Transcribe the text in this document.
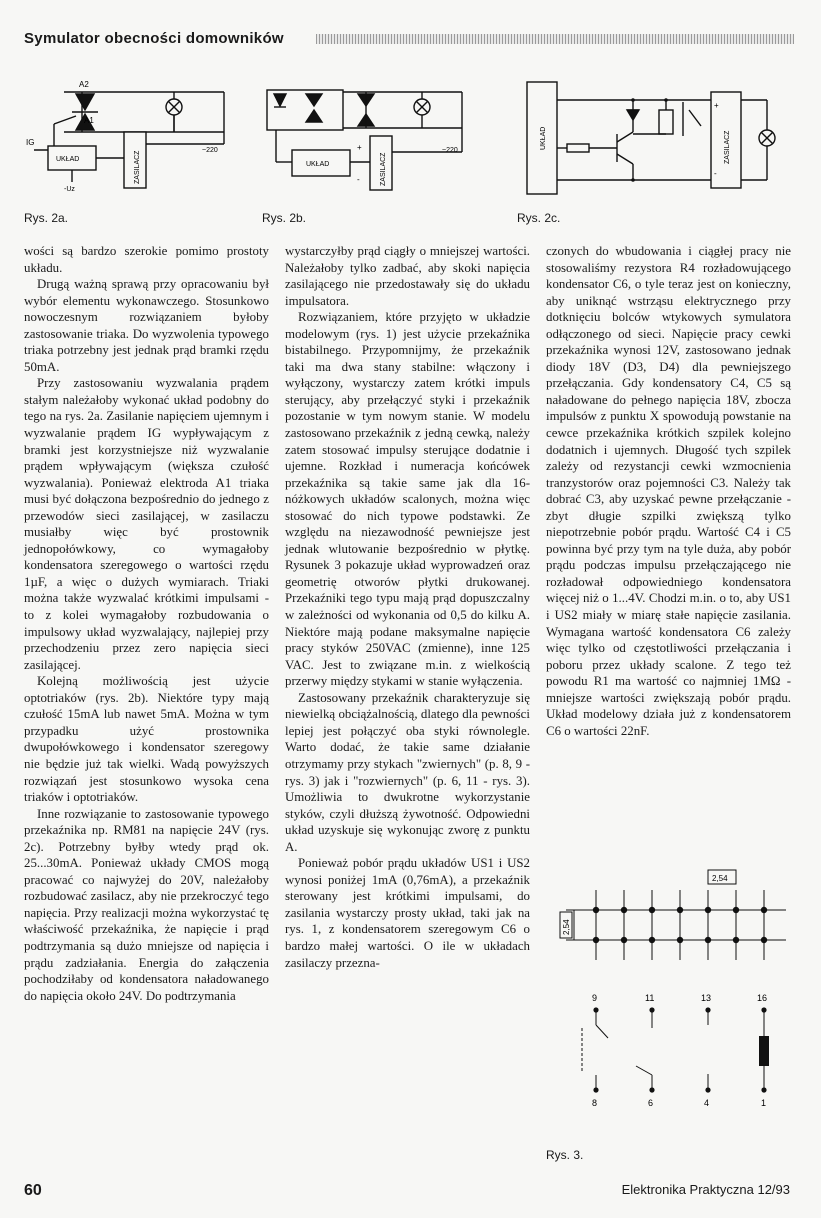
Symulator obecności domowników
A2
A1
IG
UKŁAD	ZASILACZ
~220
-Uz
Rys. 2a.
UKŁAD	ZASILACZ
~220
+
-
Rys. 2b.
UKŁAD	ZASILACZ
+
-
Rys. 2c.

wości są bardzo szerokie pomimo prostoty układu.

Drugą ważną sprawą przy opracowaniu był wybór elementu wykonawczego. Stosunkowo nowoczesnym rozwiązaniem byłoby zastosowanie triaka. Do wyzwolenia typowego triaka potrzebny jest jednak prąd bramki rzędu 50mA.

Przy zastosowaniu wyzwalania prądem stałym należałoby wykonać układ podobny do tego na rys. 2a. Zasilanie napięciem ujemnym i wyzwalanie prądem IG wypływającym z bramki jest korzystniejsze niż wyzwalanie prądem wpływającym (większa czułość wyzwalania). Ponieważ elektroda A1 triaka musi być dołączona bezpośrednio do jednego z przewodów sieci zasilającej, w zasilaczu musiałby więc być prostownik jednopołówkowy, co wymagałoby kondensatora szeregowego o wartości rzędu 1µF, a więc o dużych wymiarach. Triaki można także wyzwalać krótkimi impulsami - to z kolei wymagałoby rozbudowania o impulsowy układ wyzwalający, najlepiej przy przechodzeniu przez zero napięcia sieci zasilającej.

Kolejną możliwością jest użycie optotriaków (rys. 2b). Niektóre typy mają czułość 15mA lub nawet 5mA. Można w tym przypadku użyć prostownika dwupołówkowego i kondensator szeregowy nie będzie już tak wielki. Wadą powyższych rozwiązań jest stosunkowo wysoka cena triaków i optotriaków.

Inne rozwiązanie to zastosowanie typowego przekaźnika np. RM81 na napięcie 24V (rys. 2c). Potrzebny byłby wtedy prąd ok. 25...30mA. Ponieważ układy CMOS mogą pracować co najwyżej do 20V, należałoby rozbudować zasilacz, aby nie przekroczyć tego napięcia. Przy realizacji można wykorzystać tę właściwość przekaźnika, że napięcie i prąd podtrzymania są dużo mniejsze od napięcia i prądu zadziałania. Energia do załączenia pochodziłaby od kondensatora naładowanego do napięcia około 24V. Do podtrzymania

wystarczyłby prąd ciągły o mniejszej wartości. Należałoby tylko zadbać, aby skoki napięcia zasilającego nie przedostawały się do układu impulsatora.

Rozwiązaniem, które przyjęto w układzie modelowym (rys. 1) jest użycie przekaźnika bistabilnego. Przypomnijmy, że przekaźnik taki ma dwa stany stabilne: włączony i wyłączony, wystarczy zatem krótki impuls sterujący, aby przełączyć styki i przekaźnik pozostanie w tym nowym stanie. W modelu zastosowano przekaźnik z jedną cewką, należy zatem stosować impulsy sterujące dodatnie i ujemne. Rozkład i numeracja końcówek przekaźnika są takie same jak dla 16-nóżkowych układów scalonych, można więc stosować do nich typowe podstawki. Ze względu na niezawodność pewniejsze jest jednak wlutowanie bezpośrednio w płytkę. Rysunek 3 pokazuje układ wyprowadzeń oraz geometrię otworów płytki drukowanej. Przekaźniki tego typu mają prąd dopuszczalny w zależności od wykonania od 0,5 do kilku A. Niektóre mają podane maksymalne napięcie pracy styków 250VAC (zmienne), inne 125 VAC. Jest to związane m.in. z wielkością przerwy między stykami w stanie wyłączenia.

Zastosowany przekaźnik charakteryzuje się niewielką obciążalnością, dlatego dla pewności lepiej jest połączyć oba styki równolegle. Warto dodać, że takie same działanie otrzymamy przy stykach "zwiernych" (p. 8, 9 - rys. 3) jak i "rozwiernych" (p. 6, 11 - rys. 3). Umożliwia to dwukrotne wykorzystanie styków, czyli dłuższą żywotność. Odpowiedni układ uzyskuje się wykonując zworę z punktu A.

Ponieważ pobór prądu układów US1 i US2 wynosi poniżej 1mA (0,76mA), a przekaźnik sterowany jest krótkimi impulsami, do zasilania wystarczy prosty układ, taki jak na rys. 1, z kondensatorem szeregowym C6 o bardzo małej wartości. O ile w układach zasilaczy przezna-

czonych do wbudowania i ciągłej pracy nie stosowaliśmy rezystora R4 rozładowującego kondensator C6, o tyle teraz jest on konieczny, aby uniknąć wstrząsu elektrycznego przy dotknięciu bolców wtykowych symulatora odłączonego od sieci. Napięcie pracy cewki przekaźnika wynosi 12V, zastosowano jednak diody 18V (D3, D4) dla pewniejszego przełączania. Gdy kondensatory C4, C5 są naładowane do pełnego napięcia 18V, zbocza impulsów z punktu X spowodują powstanie na cewce przekaźnika krótkich szpilek kolejno dodatnich i ujemnych. Długość tych szpilek zależy od rezystancji cewki wzmocnienia tranzystorów oraz pojemności C3. Należy tak dobrać C3, aby uzyskać pewne przełączanie - zbyt długie szpilki zwiększą tylko niepotrzebnie pobór prądu. Wartość C4 i C5 powinna być przy tym na tyle duża, aby pobór prądu podczas impulsu przełączającego nie rozładował odpowiedniego kondensatora więcej niż o 1...4V. Chodzi m.in. o to, aby US1 i US2 miały w miarę stałe napięcie zasilania. Wymagana wartość kondensatora C6 zależy więc tylko od częstotliwości przełączania i poboru przez układy scalone. Z tego też powodu R1 ma wartość co najmniej 1MΩ - mniejsze wartości zwiększają pobór prądu. Układ modelowy działa już z kondensatorem C6 o wartości 22nF.

2,54
2,54
9	11	13	16
8	6	4	1
Rys. 3.
60	Elektronika Praktyczna 12/93
